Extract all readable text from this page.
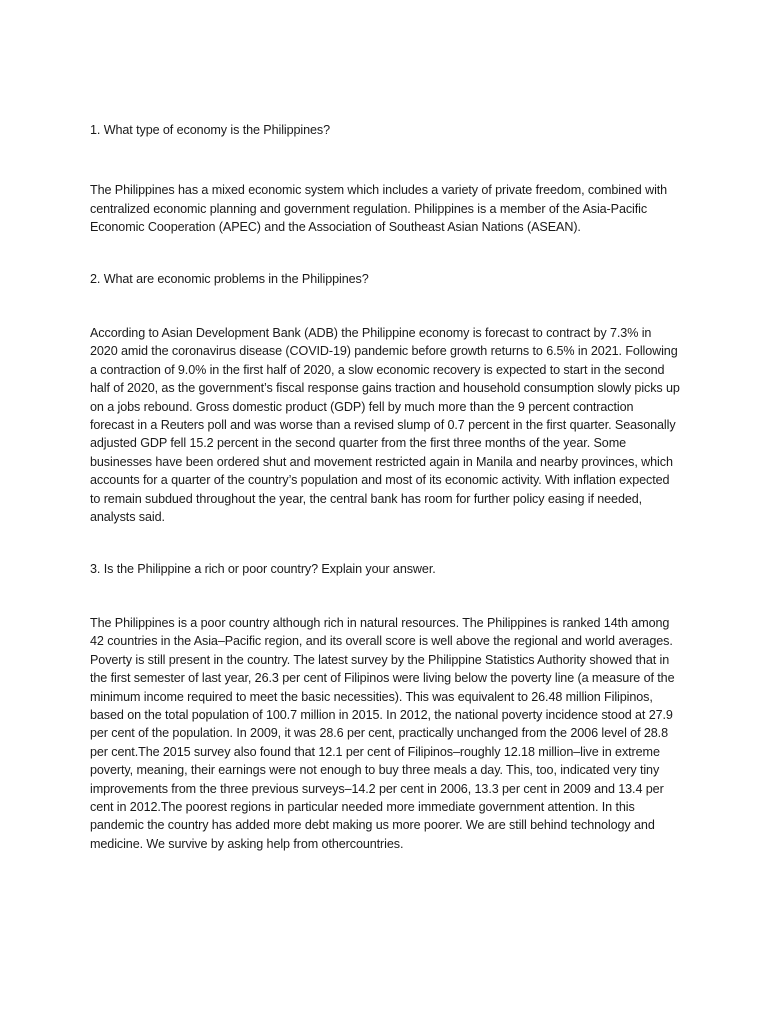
1. What type of economy is the Philippines?

The Philippines has a mixed economic system which includes a variety of private freedom, combined with centralized economic planning and government regulation. Philippines is a member of the Asia-Pacific Economic Cooperation (APEC) and the Association of Southeast Asian Nations (ASEAN).

2. What are economic problems in the Philippines?

According to Asian Development Bank (ADB) the Philippine economy is forecast to contract by 7.3% in 2020 amid the coronavirus disease (COVID-19) pandemic before growth returns to 6.5% in 2021. Following a contraction of 9.0% in the first half of 2020, a slow economic recovery is expected to start in the second half of 2020, as the government’s fiscal response gains traction and household consumption slowly picks up on a jobs rebound. Gross domestic product (GDP) fell by much more than the 9 percent contraction forecast in a Reuters poll and was worse than a revised slump of 0.7 percent in the first quarter. Seasonally adjusted GDP fell 15.2 percent in the second quarter from the first three months of the year. Some businesses have been ordered shut and movement restricted again in Manila and nearby provinces, which accounts for a quarter of the country’s population and most of its economic activity. With inflation expected to remain subdued throughout the year, the central bank has room for further policy easing if needed, analysts said.

3. Is the Philippine a rich or poor country? Explain your answer.

The Philippines is a poor country although rich in natural resources. The Philippines is ranked 14th among 42 countries in the Asia–Pacific region, and its overall score is well above the regional and world averages. Poverty is still present in the country. The latest survey by the Philippine Statistics Authority showed that in the first semester of last year, 26.3 per cent of Filipinos were living below the poverty line (a measure of the minimum income required to meet the basic necessities). This was equivalent to 26.48 million Filipinos, based on the total population of 100.7 million in 2015. In 2012, the national poverty incidence stood at 27.9 per cent of the population. In 2009, it was 28.6 per cent, practically unchanged from the 2006 level of 28.8 per cent.The 2015 survey also found that 12.1 per cent of Filipinos–roughly 12.18 million–live in extreme poverty, meaning, their earnings were not enough to buy three meals a day. This, too, indicated very tiny improvements from the three previous surveys–14.2 per cent in 2006, 13.3 per cent in 2009 and 13.4 per cent in 2012.The poorest regions in particular needed more immediate government attention. In this pandemic the country has added more debt making us more poorer. We are still behind technology and medicine. We survive by asking help from othercountries.
